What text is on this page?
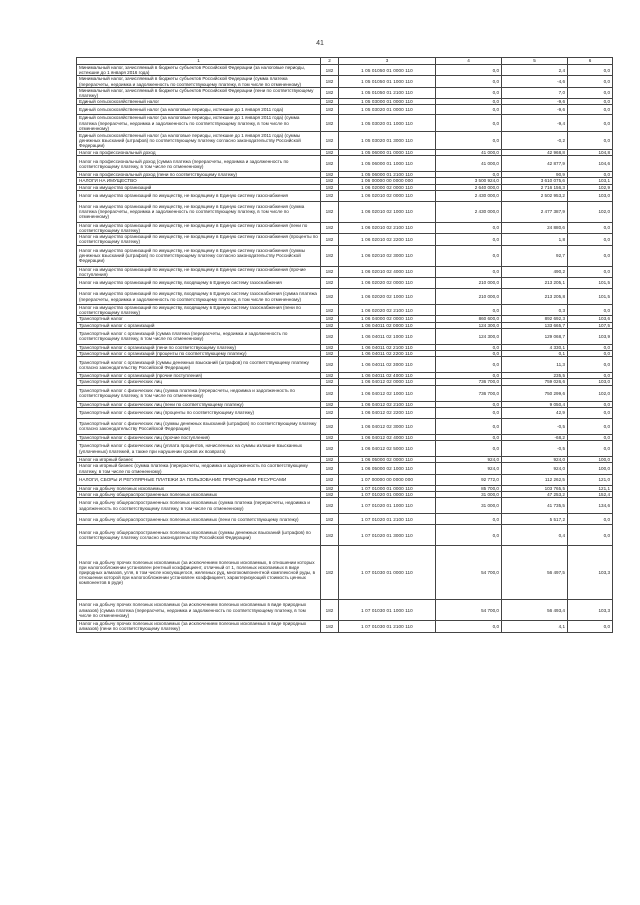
41
1	2	3	4	5	6
Минимальный налог, зачисляемый в бюджеты субъектов Российской Федерации (за налоговые периоды, истекшие до 1 января 2016 года)	182	1 05 01050 01 0000 110	0,0	2,4	0,0
Минимальный налог, зачисляемый в бюджеты субъектов Российской Федерации (сумма платежа (перерасчеты, недоимка и задолженность по соответствующему платежу, в том числе по отмененному)	182	1 05 01050 01 1000 110	0,0	-4,6	0,0
Минимальный налог, зачисляемый в бюджеты субъектов Российской Федерации (пени по соответствующему платежу)	182	1 05 01050 01 2100 110	0,0	7,0	0,0
Единый сельскохозяйственный налог	182	1 05 03000 01 0000 110	0,0	-9,6	0,0
Единый сельскохозяйственный налог (за налоговые периоды, истекшие до 1 января 2011 года)	182	1 05 03020 01 0000 110	0,0	-9,6	0,0
Единый сельскохозяйственный налог (за налоговые периоды, истекшие до 1 января 2011 года) (сумма платежа (перерасчеты, недоимка и задолженность по соответствующему платежу, в том числе по отмененному)	182	1 05 03020 01 1000 110	0,0	-9,4	0,0
Единый сельскохозяйственный налог (за налоговые периоды, истекшие до 1 января 2011 года) (суммы денежных взысканий (штрафов) по соответствующему платежу согласно законодательству Российской Федерации)	182	1 05 03020 01 3000 110	0,0	-0,2	0,0
Налог на профессиональный доход	182	1 05 06000 01 0000 110	41 000,0	42 968,8	104,8
Налог на профессиональный доход (сумма платежа (перерасчеты, недоимка и задолженность по соответствующему платежу, в том числе по отмененному)	182	1 05 06000 01 1000 110	41 000,0	42 877,9	104,6
Налог на профессиональный доход (пени по соответствующему платежу)	182	1 05 06000 01 2100 110	0,0	90,9	0,0
НАЛОГИ НА ИМУЩЕСТВО	182	1 06 00000 00 0000 000	3 500 924,0	3 610 075,6	103,1
Налог на имущество организаций	182	1 06 02000 02 0000 110	2 640 000,0	2 716 156,3	102,9
Налог на имущество организаций по имуществу, не входящему в Единую систему газоснабжения	182	1 06 02010 02 0000 110	2 430 000,0	2 502 953,2	103,0
Налог на имущество организаций по имуществу, не входящему в Единую систему газоснабжения (сумма платежа (перерасчеты, недоимка и задолженность по соответствующему платежу, в том числе по отмененному)	182	1 06 02010 02 1000 110	2 430 000,0	2 477 387,9	102,0
Налог на имущество организаций по имуществу, не входящему в Единую систему газоснабжения (пени по соответствующему платежу)	182	1 06 02010 02 2100 110	0,0	24 880,6	0,0
Налог на имущество организаций по имуществу, не входящему в Единую систему газоснабжения (проценты по соответствующему платежу)	182	1 06 02010 02 2200 110	0,0	1,8	0,0
Налог на имущество организаций по имуществу, не входящему в Единую систему газоснабжения (суммы денежных взысканий (штрафов) по соответствующему платежу согласно законодательству Российской Федерации)	182	1 06 02010 02 3000 110	0,0	92,7	0,0
Налог на имущество организаций по имуществу, не входящему в Единую систему газоснабжения (прочие поступления)	182	1 06 02010 02 4000 110	0,0	490,2	0,0
Налог на имущество организаций по имуществу, входящему в Единую систему газоснабжения	182	1 06 02020 02 0000 110	210 000,0	213 205,1	101,5
Налог на имущество организаций по имуществу, входящему в Единую систему газоснабжения (сумма платежа (перерасчеты, недоимка и задолженность по соответствующему платежу, в том числе по отмененному)	182	1 06 02020 02 1000 110	210 000,0	213 205,8	101,5
Налог на имущество организаций по имуществу, входящему в Единую систему газоснабжения (пени по соответствующему платежу)	182	1 06 02020 02 2100 110	0,0	0,3	0,0
Транспортный налог	182	1 06 04000 02 0000 110	860 600,0	892 692,3	103,6
Транспортный налог с организаций	182	1 06 04011 02 0000 110	124 300,0	133 665,7	107,5
Транспортный налог с организаций (сумма платежа (перерасчеты, недоимка и задолженность по соответствующему платежу, в том числе по отмененному)	182	1 06 04011 02 1000 110	124 300,0	129 068,7	103,9
Транспортный налог с организаций (пени по соответствующему платежу)	182	1 06 04011 02 2100 110	0,0	4 330,1	0,0
Транспортный налог с организаций (проценты по соответствующему платежу)	182	1 06 04011 02 2200 110	0,0	0,1	0,0
Транспортный налог с организаций (суммы денежных взысканий (штрафов) по соответствующему платежу согласно законодательству Российской Федерации)	182	1 06 04011 02 3000 110	0,0	11,3	0,0
Транспортный налог с организаций (прочие поступления)	182	1 06 04011 02 4000 110	0,0	235,5	0,0
Транспортный налог с физических лиц	182	1 06 04012 02 0000 110	736 700,0	759 026,6	103,0
Транспортный налог с физических лиц (сумма платежа (перерасчеты, недоимка и задолженность по соответствующему платежу, в том числе по отмененному)	182	1 06 04012 02 1000 110	736 700,0	750 299,6	102,0
Транспортный налог с физических лиц (пени по соответствующему платежу)	182	1 06 04012 02 2100 110	0,0	9 050,4	0,0
Транспортный налог с физических лиц (проценты по соответствующему платежу)	182	1 06 04012 02 2200 110	0,0	42,9	0,0
Транспортный налог с физических лиц (суммы денежных взысканий (штрафов) по соответствующему платежу согласно законодательству Российской Федерации)	182	1 06 04012 02 3000 110	0,0	-0,5	0,0
Транспортный налог с физических лиц (прочие поступления)	182	1 06 04012 02 4000 110	0,0	-68,2	0,0
Транспортный налог с физических лиц (уплата процентов, начисленных на суммы излишне взысканных (уплаченных) платежей, а также при нарушении сроков их возврата)	182	1 06 04012 02 5000 110	0,0	-0,5	0,0
Налог на игорный бизнес	182	1 06 05000 02 0000 110	924,0	924,0	100,0
Налог на игорный бизнес (сумма платежа (перерасчеты, недоимка и задолженность по соответствующему платежу, в том числе по отмененному)	182	1 06 05000 02 1000 110	924,0	924,0	100,0
НАЛОГИ, СБОРЫ И РЕГУЛЯРНЫЕ ПЛАТЕЖИ ЗА ПОЛЬЗОВАНИЕ ПРИРОДНЫМИ РЕСУРСАМИ	182	1 07 00000 00 0000 000	92 772,0	112 262,5	121,0
Налог на добычу полезных ископаемых	182	1 07 01000 01 0000 110	85 700,0	103 765,5	121,1
Налог на добычу общераспространенных полезных ископаемых	182	1 07 01020 01 0000 110	31 000,0	47 253,2	152,4
Налог на добычу общераспространенных полезных ископаемых (сумма платежа (перерасчеты, недоимка и задолженность по соответствующему платежу, в том числе по отмененному)	182	1 07 01020 01 1000 110	31 000,0	41 735,5	134,6
Налог на добычу общераспространенных полезных ископаемых (пени по соответствующему платежу)	182	1 07 01020 01 2100 110	0,0	5 517,2	0,0
Налог на добычу общераспространенных полезных ископаемых (суммы денежных взысканий (штрафов) по соответствующему платежу согласно законодательству Российской Федерации)	182	1 07 01020 01 3000 110	0,0	0,4	0,0
Налог на добычу прочих полезных ископаемых (за исключением полезных ископаемых, в отношении которых при налогообложении установлен рентный коэффициент, отличный от 1, полезных ископаемых в виде природных алмазов, угля, в том числе коксующегося, железных руд, многокомпонентной комплексной руды, в отношении которой при налогообложении установлен коэффициент, характеризующий стоимость ценных компонентов в руде)	182	1 07 01030 01 0000 110	54 700,0	56 497,5	103,3
Налог на добычу прочих полезных ископаемых (за исключением полезных ископаемых в виде природных алмазов) (сумма платежа (перерасчеты, недоимка и задолженность по соответствующему платежу, в том числе по отмененному)	182	1 07 01030 01 1000 110	54 700,0	56 493,4	103,3
Налог на добычу прочих полезных ископаемых (за исключением полезных ископаемых в виде природных алмазов) (пени по соответствующему платежу)	182	1 07 01030 01 2100 110	0,0	4,1	0,0
